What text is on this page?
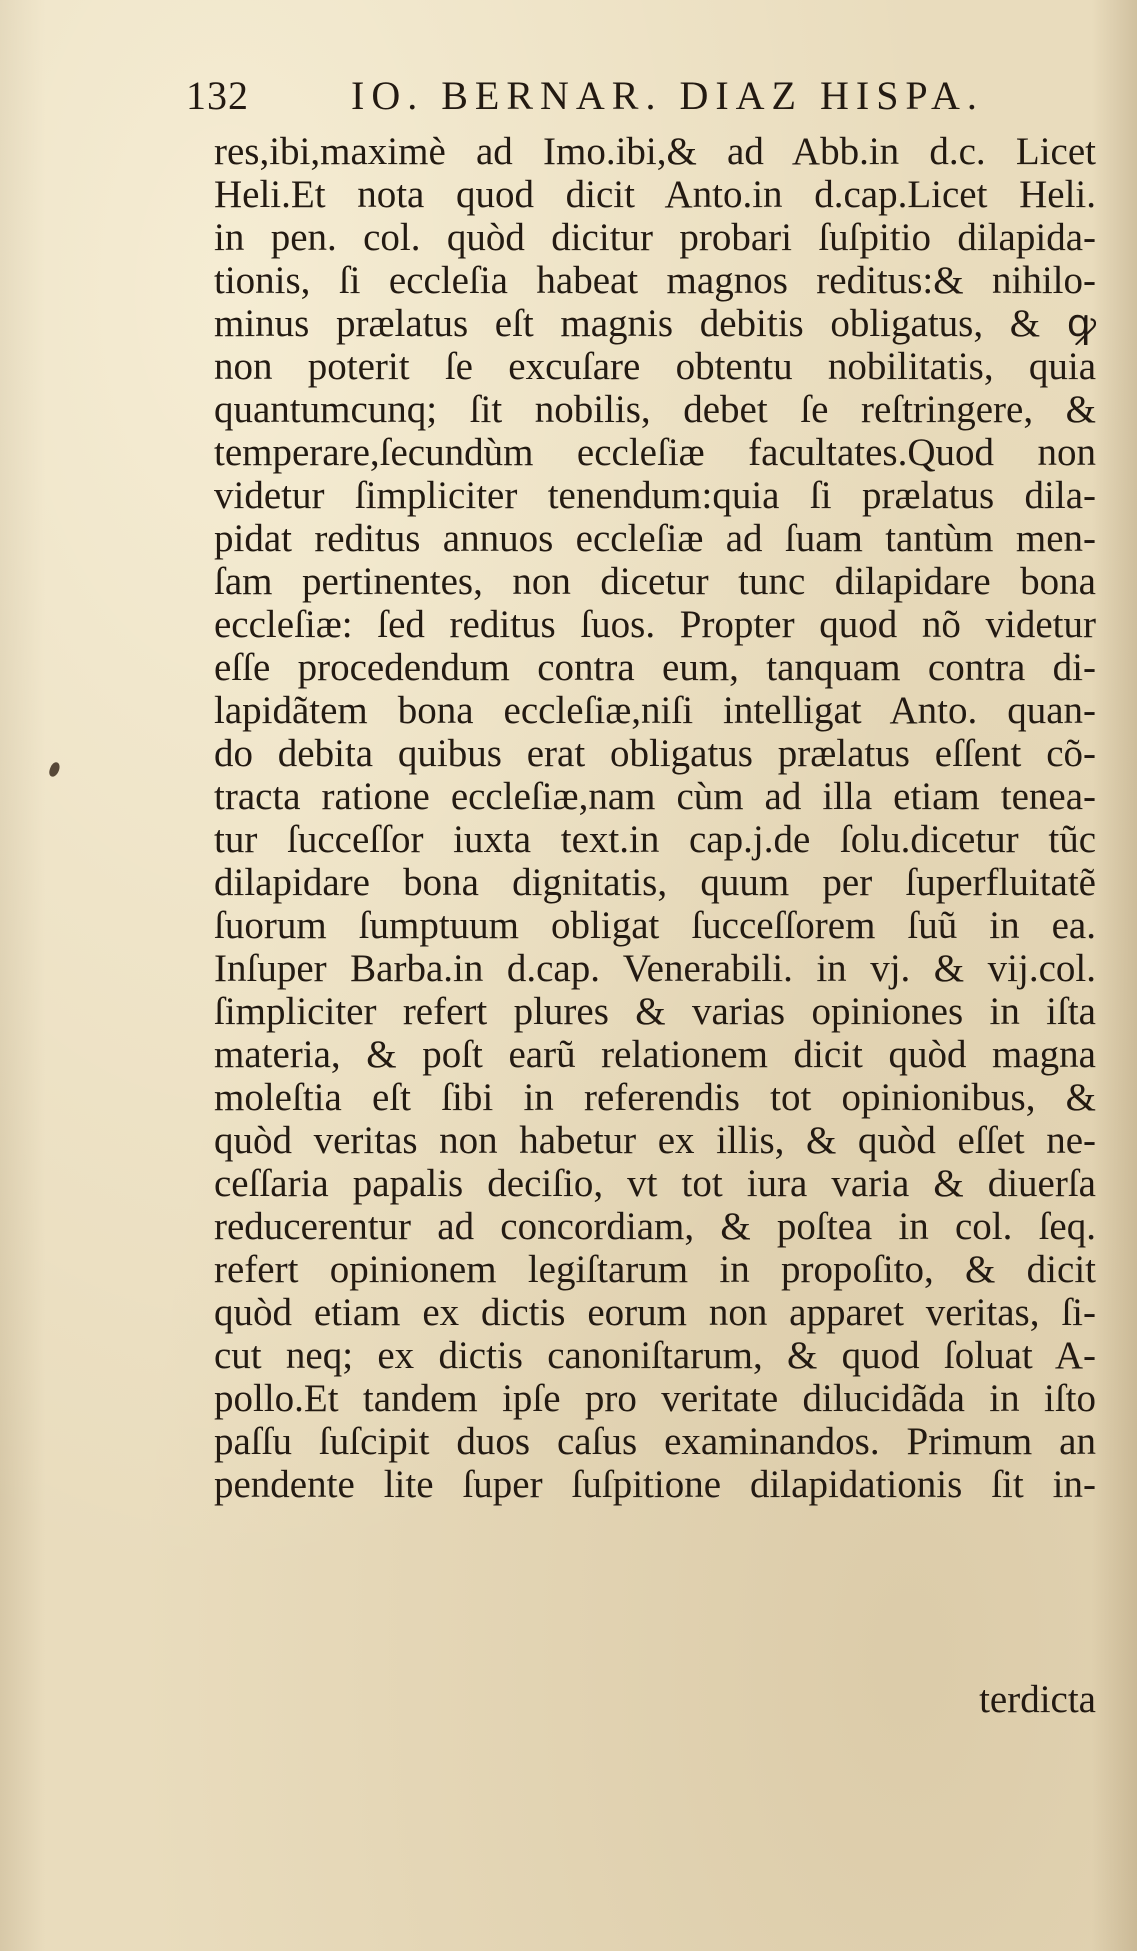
132	IO. BERNAR. DIAZ HISPA.
res,ibi,maximè ad Imo.ibi,& ad Abb.in d.c. Licet
Heli.Et nota quod dicit Anto.in d.cap.Licet Heli.
in pen. col. quòd dicitur probari ſuſpitio dilapida-
tionis, ſi eccleſia habeat magnos reditus:& nihilo-
minus prælatus eſt magnis debitis obligatus, & ꝙ
non poterit ſe excuſare obtentu nobilitatis, quia
quantumcunq; ſit nobilis, debet ſe reſtringere, &
temperare,ſecundùm eccleſiæ facultates.Quod non
videtur ſimpliciter tenendum:quia ſi prælatus dila-
pidat reditus annuos eccleſiæ ad ſuam tantùm men-
ſam pertinentes, non dicetur tunc dilapidare bona
eccleſiæ: ſed reditus ſuos. Propter quod nõ videtur
eſſe procedendum contra eum, tanquam contra di-
lapidãtem bona eccleſiæ,niſi intelligat Anto. quan-
do debita quibus erat obligatus prælatus eſſent cõ-
tracta ratione eccleſiæ,nam cùm ad illa etiam tenea-
tur ſucceſſor iuxta text.in cap.j.de ſolu.dicetur tũc
dilapidare bona dignitatis, quum per ſuperfluitatẽ
ſuorum ſumptuum obligat ſucceſſorem ſuũ in ea.
Inſuper Barba.in d.cap. Venerabili. in vj. & vij.col.
ſimpliciter refert plures & varias opiniones in iſta
materia, & poſt earũ relationem dicit quòd magna
moleſtia eſt ſibi in referendis tot opinionibus, &
quòd veritas non habetur ex illis, & quòd eſſet ne-
ceſſaria papalis deciſio, vt tot iura varia & diuerſa
reducerentur ad concordiam, & poſtea in col. ſeq.
refert opinionem legiſtarum in propoſito, & dicit
quòd etiam ex dictis eorum non apparet veritas, ſi-
cut neq; ex dictis canoniſtarum, & quod ſoluat A-
pollo.Et tandem ipſe pro veritate dilucidãda in iſto
paſſu ſuſcipit duos caſus examinandos. Primum an
pendente lite ſuper ſuſpitione dilapidationis ſit in-
terdicta
